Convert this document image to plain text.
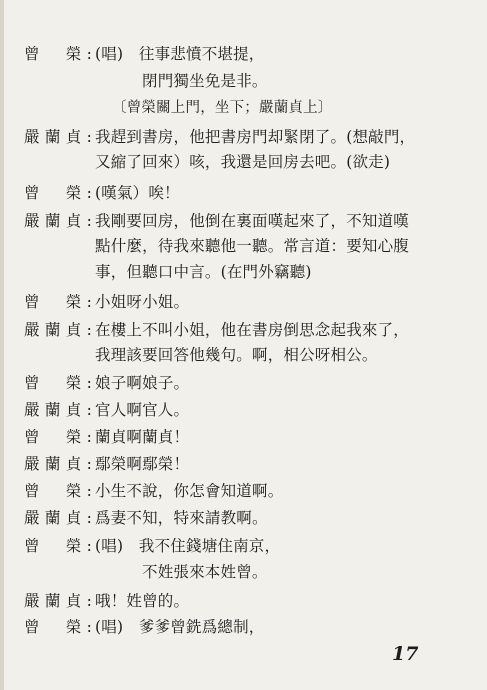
曾　榮: (唱)　往事悲憤不堪提，
閉門獨坐免是非。
〔曾榮關上門，坐下；嚴蘭貞上〕
嚴蘭貞: 我趕到書房，他把書房門却緊閉了。(想敲門，
又縮了回來）咳，我還是回房去吧。(欲走)
曾　榮: (嘆氣）唉！
嚴蘭貞: 我剛要回房，他倒在裏面嘆起來了，不知道嘆
點什麼，待我來聽他一聽。常言道：要知心腹
事，但聽口中言。(在門外竊聽)
曾　榮: 小姐呀小姐。
嚴蘭貞: 在樓上不叫小姐，他在書房倒思念起我來了，
我理該要回答他幾句。啊，相公呀相公。
曾　榮: 娘子啊娘子。
嚴蘭貞: 官人啊官人。
曾　榮: 蘭貞啊蘭貞！
嚴蘭貞: 鄢榮啊鄢榮！
曾　榮: 小生不說，你怎會知道啊。
嚴蘭貞: 爲妻不知，特來請教啊。
曾　榮: (唱)　我不住錢塘住南京，
不姓張來本姓曾。
嚴蘭貞: 哦！姓曾的。
曾　榮: (唱)　爹爹曾銑爲總制，
17
